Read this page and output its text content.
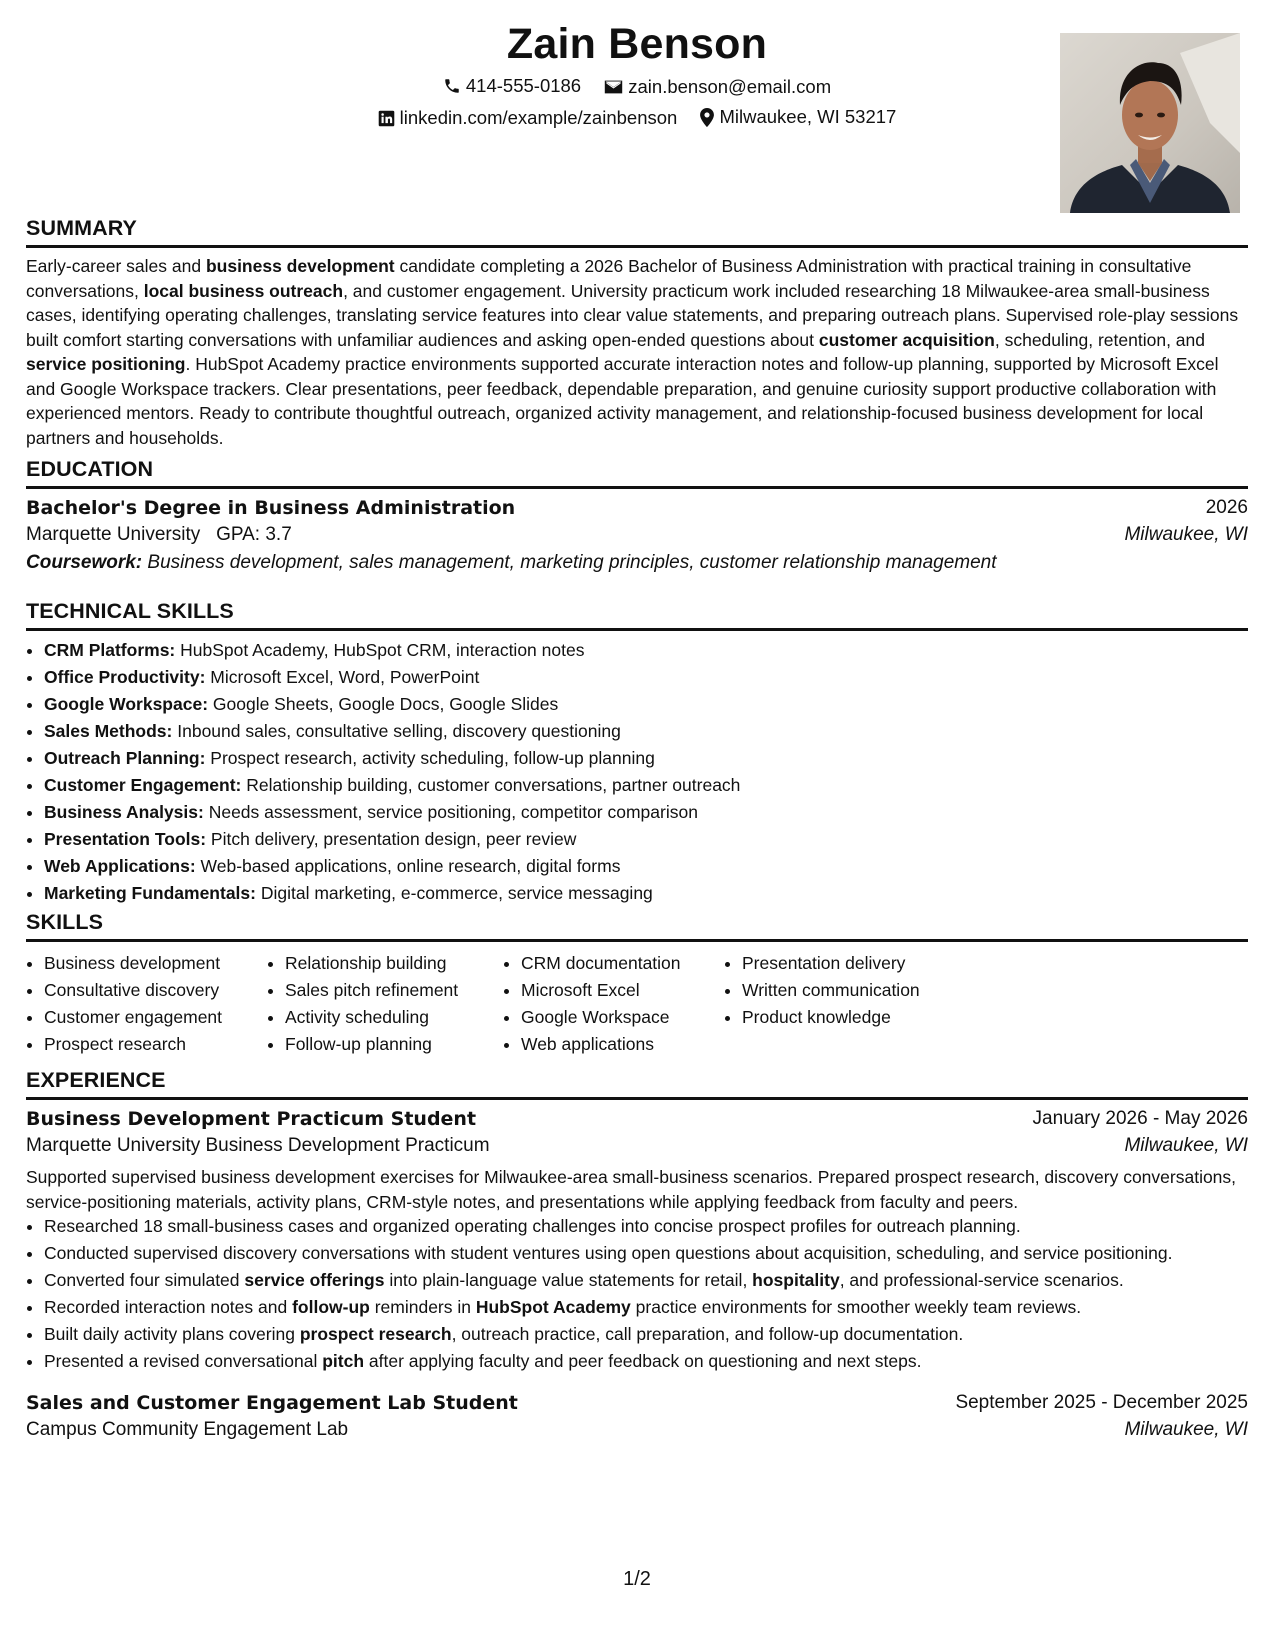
Zain Benson
414-555-0186
	zain.benson@email.com
linkedin.com/example/zainbenson
Milwaukee, WI 53217
SUMMARY
Early-career sales and business development candidate completing a 2026 Bachelor of Business Administration with practical training in consultative conversations, local business outreach, and customer engagement. University practicum work included researching 18 Milwaukee-area small-business cases, identifying operating challenges, translating service features into clear value statements, and preparing outreach plans. Supervised role-play sessions built comfort starting conversations with unfamiliar audiences and asking open-ended questions about customer acquisition, scheduling, retention, and service positioning. HubSpot Academy practice environments supported accurate interaction notes and follow-up planning, supported by Microsoft Excel and Google Workspace trackers. Clear presentations, peer feedback, dependable preparation, and genuine curiosity support productive collaboration with experienced mentors. Ready to contribute thoughtful outreach, organized activity management, and relationship-focused business development for local partners and households.
EDUCATION
Bachelor's Degree in Business Administration	2026
Marquette University GPA: 3.7	Milwaukee, WI
Coursework: Business development, sales management, marketing principles, customer relationship management
TECHNICAL SKILLS
• CRM Platforms: HubSpot Academy, HubSpot CRM, interaction notes
• Office Productivity: Microsoft Excel, Word, PowerPoint
• Google Workspace: Google Sheets, Google Docs, Google Slides
• Sales Methods: Inbound sales, consultative selling, discovery questioning
• Outreach Planning: Prospect research, activity scheduling, follow-up planning
• Customer Engagement: Relationship building, customer conversations, partner outreach
• Business Analysis: Needs assessment, service positioning, competitor comparison
• Presentation Tools: Pitch delivery, presentation design, peer review
• Web Applications: Web-based applications, online research, digital forms
• Marketing Fundamentals: Digital marketing, e-commerce, service messaging
SKILLS
• Business development
• Consultative discovery
• Customer engagement
• Prospect research
• Relationship building
• Sales pitch refinement
• Activity scheduling
• Follow-up planning
• CRM documentation
• Microsoft Excel
• Google Workspace
• Web applications
• Presentation delivery
• Written communication
• Product knowledge
EXPERIENCE
Business Development Practicum Student	January 2026 - May 2026
Marquette University Business Development Practicum	Milwaukee, WI
Supported supervised business development exercises for Milwaukee-area small-business scenarios. Prepared prospect research, discovery conversations, service-positioning materials, activity plans, CRM-style notes, and presentations while applying feedback from faculty and peers.
• Researched 18 small-business cases and organized operating challenges into concise prospect profiles for outreach planning.
• Conducted supervised discovery conversations with student ventures using open questions about acquisition, scheduling, and service positioning.
• Converted four simulated service offerings into plain-language value statements for retail, hospitality, and professional-service scenarios.
• Recorded interaction notes and follow-up reminders in HubSpot Academy practice environments for smoother weekly team reviews.
• Built daily activity plans covering prospect research, outreach practice, call preparation, and follow-up documentation.
• Presented a revised conversational pitch after applying faculty and peer feedback on questioning and next steps.
Sales and Customer Engagement Lab Student	September 2025 - December 2025
Campus Community Engagement Lab	Milwaukee, WI
1/2
